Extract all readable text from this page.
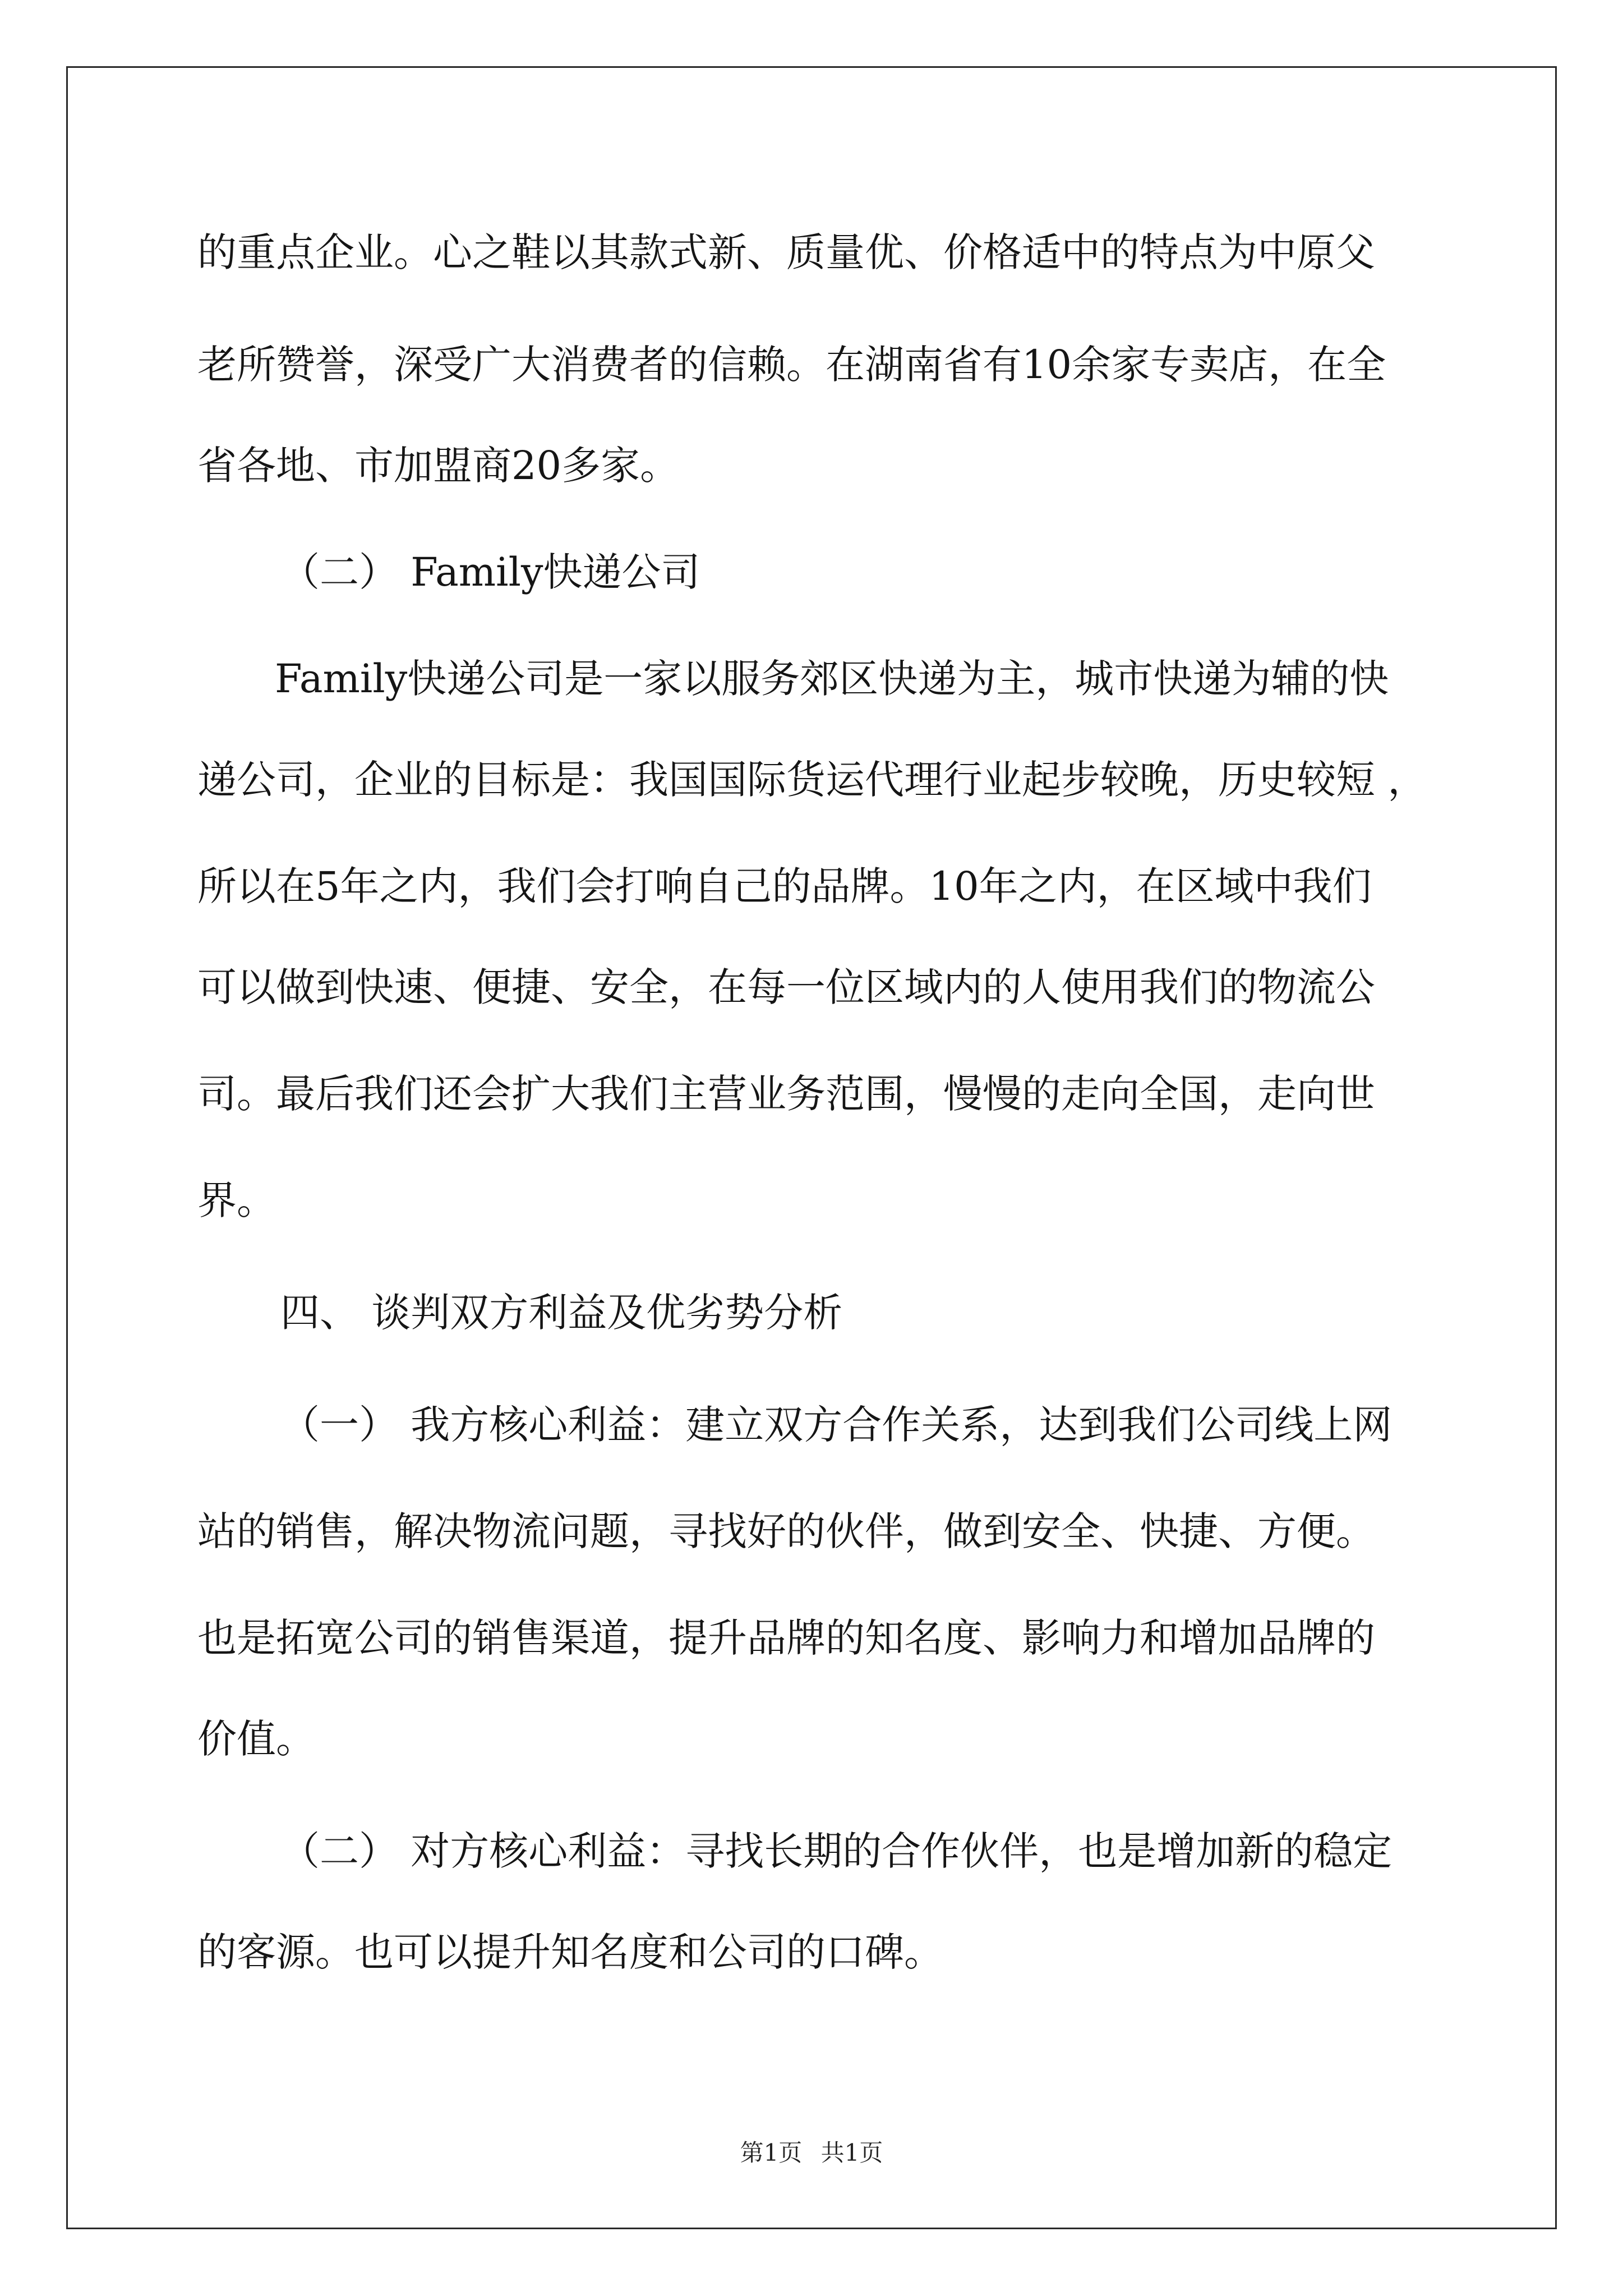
的重点企业。心之鞋以其款式新、质量优、价格适中的特点为中原父
老所赞誉，深受广大消费者的信赖。在湖南省有10余家专卖店，在全
省各地、市加盟商20多家。
（二） Family快递公司
Family快递公司是一家以服务郊区快递为主，城市快递为辅的快
递公司，企业的目标是：我国国际货运代理行业起步较晚，历史较短 ，
所以在5年之内，我们会打响自己的品牌。10年之内，在区域中我们
可以做到快速、便捷、安全，在每一位区域内的人使用我们的物流公
司。最后我们还会扩大我们主营业务范围，慢慢的走向全国，走向世
界。
四、 谈判双方利益及优劣势分析
（一） 我方核心利益：建立双方合作关系，达到我们公司线上网
站的销售，解决物流问题，寻找好的伙伴，做到安全、快捷、方便。
也是拓宽公司的销售渠道，提升品牌的知名度、影响力和增加品牌的
价值。
（二） 对方核心利益：寻找长期的合作伙伴，也是增加新的稳定
的客源。也可以提升知名度和公司的口碑。
第1页 共1页
